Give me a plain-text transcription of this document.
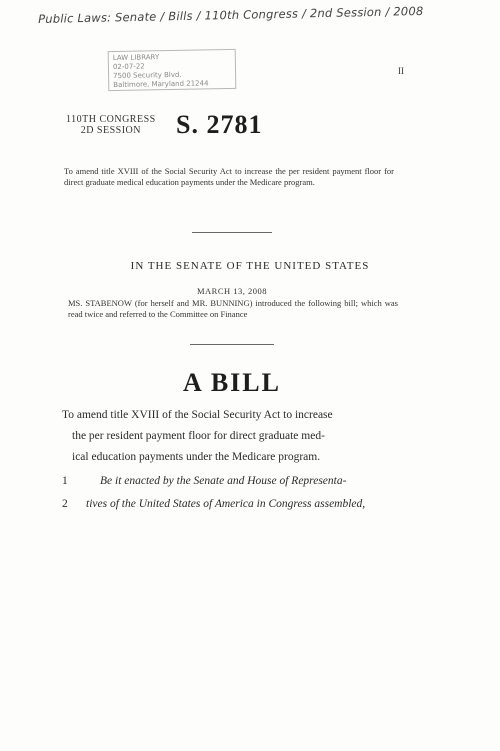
Public Laws: Senate / Bills / 110th Congress / 2nd Session / 2008
LAW LIBRARY
02-07-22
7500 Security Blvd.
Baltimore, Maryland 21244
II
110TH CONGRESS
2D SESSION	S. 2781
To amend title XVIII of the Social Security Act to increase the per resident payment floor for direct graduate medical education payments under the Medicare program.
IN THE SENATE OF THE UNITED STATES
MARCH 13, 2008
MS. STABENOW (for herself and MR. BUNNING) introduced the following bill; which was read twice and referred to the Committee on Finance
A BILL
To amend title XVIII of the Social Security Act to increase
the per resident payment floor for direct graduate med-
ical education payments under the Medicare program.
1	Be it enacted by the Senate and House of Representa-
2	tives of the United States of America in Congress assembled,
